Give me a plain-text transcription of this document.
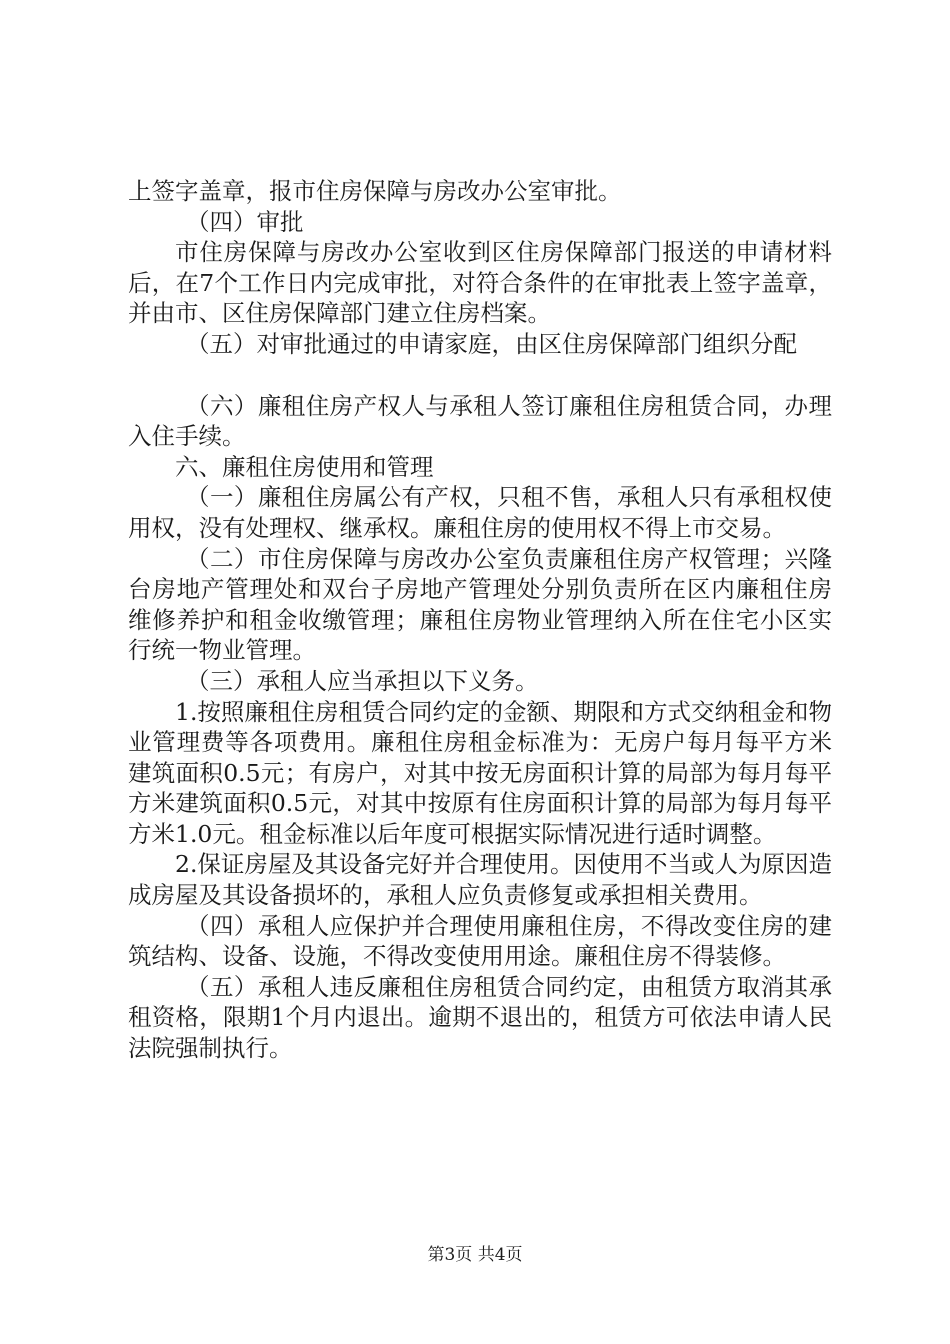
上签字盖章，报市住房保障与房改办公室审批。

（四）审批

市住房保障与房改办公室收到区住房保障部门报送的申请材料后，在7个工作日内完成审批，对符合条件的在审批表上签字盖章，并由市、区住房保障部门建立住房档案。

（五）对审批通过的申请家庭，由区住房保障部门组织分配

（六）廉租住房产权人与承租人签订廉租住房租赁合同，办理入住手续。

六、廉租住房使用和管理

（一）廉租住房属公有产权，只租不售，承租人只有承租权使用权，没有处理权、继承权。廉租住房的使用权不得上市交易。

（二）市住房保障与房改办公室负责廉租住房产权管理；兴隆台房地产管理处和双台子房地产管理处分别负责所在区内廉租住房维修养护和租金收缴管理；廉租住房物业管理纳入所在住宅小区实行统一物业管理。

（三）承租人应当承担以下义务。

1.按照廉租住房租赁合同约定的金额、期限和方式交纳租金和物业管理费等各项费用。廉租住房租金标准为：无房户每月每平方米建筑面积0.5元；有房户，对其中按无房面积计算的局部为每月每平方米建筑面积0.5元，对其中按原有住房面积计算的局部为每月每平方米1.0元。租金标准以后年度可根据实际情况进行适时调整。

2.保证房屋及其设备完好并合理使用。因使用不当或人为原因造成房屋及其设备损坏的，承租人应负责修复或承担相关费用。

（四）承租人应保护并合理使用廉租住房，不得改变住房的建筑结构、设备、设施，不得改变使用用途。廉租住房不得装修。

（五）承租人违反廉租住房租赁合同约定，由租赁方取消其承租资格，限期1个月内退出。逾期不退出的，租赁方可依法申请人民法院强制执行。

第3页 共4页
